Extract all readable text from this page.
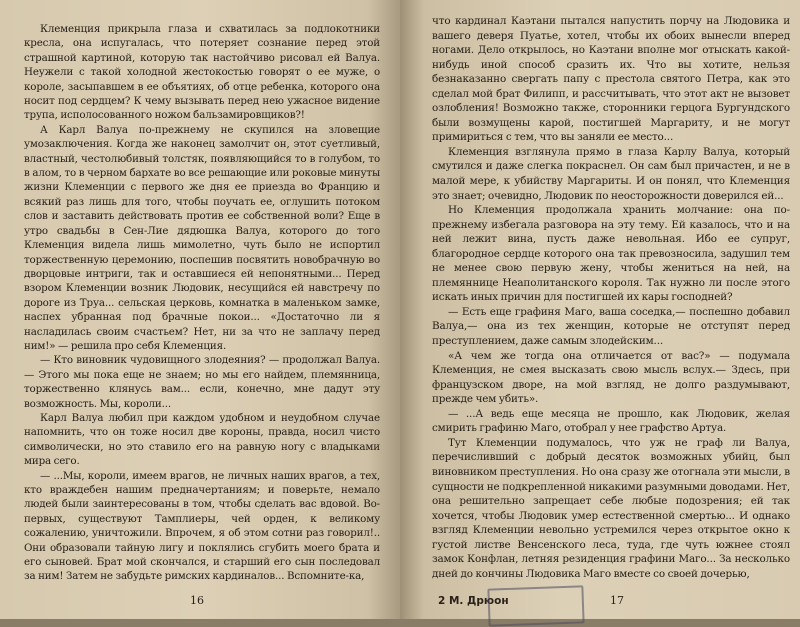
Клеменция прикрыла глаза и схватилась за подлокотники кресла, она испугалась, что потеряет сознание перед этой страшной картиной, которую так настойчиво рисовал ей Валуа. Неужели с такой холодной жестокостью говорят о ее муже, о короле, засыпавшем в ее объятиях, об отце ребенка, которого она носит под сердцем? К чему вызывать перед нею ужасное видение трупа, исполосованного ножом бальзамировщиков?!

А Карл Валуа по-прежнему не скупился на зловещие умозаключения. Когда же наконец замолчит он, этот суетливый, властный, честолюбивый толстяк, появляющийся то в голубом, то в алом, то в черном бархате во все решающие или роковые минуты жизни Клеменции с первого же дня ее приезда во Францию и всякий раз лишь для того, чтобы поучать ее, оглушить потоком слов и заставить действовать против ее собственной воли? Еще в утро свадьбы в Сен-Лие дядюшка Валуа, которого до того Клеменция видела лишь мимолетно, чуть было не испортил торжественную церемонию, поспешив посвятить новобрачную во дворцовые интриги, так и оставшиеся ей непонятными... Перед взором Клеменции возник Людовик, несущийся ей навстречу по дороге из Труа... сельская церковь, комнатка в маленьком замке, наспех убранная под брачные покои... «Достаточно ли я насладилась своим счастьем? Нет, ни за что не заплачу перед ним!» — решила про себя Клеменция.

— Кто виновник чудовищного злодеяния? — продолжал Валуа.— Этого мы пока еще не знаем; но мы его найдем, племянница, торжественно клянусь вам... если, конечно, мне дадут эту возможность. Мы, короли...

Карл Валуа любил при каждом удобном и неудобном случае напомнить, что он тоже носил две короны, правда, носил чисто символически, но это ставило его на равную ногу с владыками мира сего.

— ...Мы, короли, имеем врагов, не личных наших врагов, а тех, кто враждебен нашим предначертаниям; и поверьте, немало людей были заинтересованы в том, чтобы сделать вас вдовой. Во-первых, существуют Тамплиеры, чей орден, к великому сожалению, уничтожили. Впрочем, я об этом сотни раз говорил!.. Они образовали тайную лигу и поклялись сгубить моего брата и его сыновей. Брат мой скончался, и старший его сын последовал за ним! Затем не забудьте римских кардиналов... Вспомните-ка,

16

что кардинал Каэтани пытался напустить порчу на Людовика и вашего деверя Пуатье, хотел, чтобы их обоих вынесли вперед ногами. Дело открылось, но Каэтани вполне мог отыскать какой-нибудь иной способ сразить их. Что вы хотите, нельзя безнаказанно свергать папу с престола святого Петра, как это сделал мой брат Филипп, и рассчитывать, что этот акт не вызовет озлобления! Возможно также, сторонники герцога Бургундского были возмущены карой, постигшей Маргариту, и не могут примириться с тем, что вы заняли ее место...

Клеменция взглянула прямо в глаза Карлу Валуа, который смутился и даже слегка покраснел. Он сам был причастен, и не в малой мере, к убийству Маргариты. И он понял, что Клеменция это знает; очевидно, Людовик по неосторожности доверился ей...

Но Клеменция продолжала хранить молчание: она по-прежнему избегала разговора на эту тему. Ей казалось, что и на ней лежит вина, пусть даже невольная. Ибо ее супруг, благородное сердце которого она так превозносила, задушил тем не менее свою первую жену, чтобы жениться на ней, на племяннице Неаполитанского короля. Так нужно ли после этого искать иных причин для постигшей их кары господней?

— Есть еще графиня Маго, ваша соседка,— поспешно добавил Валуа,— она из тех женщин, которые не отступят перед преступлением, даже самым злодейским...

«А чем же тогда она отличается от вас?» — подумала Клеменция, не смея высказать свою мысль вслух.— Здесь, при французском дворе, на мой взгляд, не долго раздумывают, прежде чем убить».

— ...А ведь еще месяца не прошло, как Людовик, желая смирить графиню Маго, отобрал у нее графство Артуа.

Тут Клеменции подумалось, что уж не граф ли Валуа, перечисливший с добрый десяток возможных убийц, был виновником преступления. Но она сразу же отогнала эти мысли, в сущности не подкрепленной никакими разумными доводами. Нет, она решительно запрещает себе любые подозрения; ей так хочется, чтобы Людовик умер естественной смертью... И однако взгляд Клеменции невольно устремился через открытое окно к густой листве Венсенского леса, туда, где чуть южнее стоял замок Конфлан, летняя резиденция графини Маго... За несколько дней до кончины Людовика Маго вместе со своей дочерью,

2 М. Дрюон	17
